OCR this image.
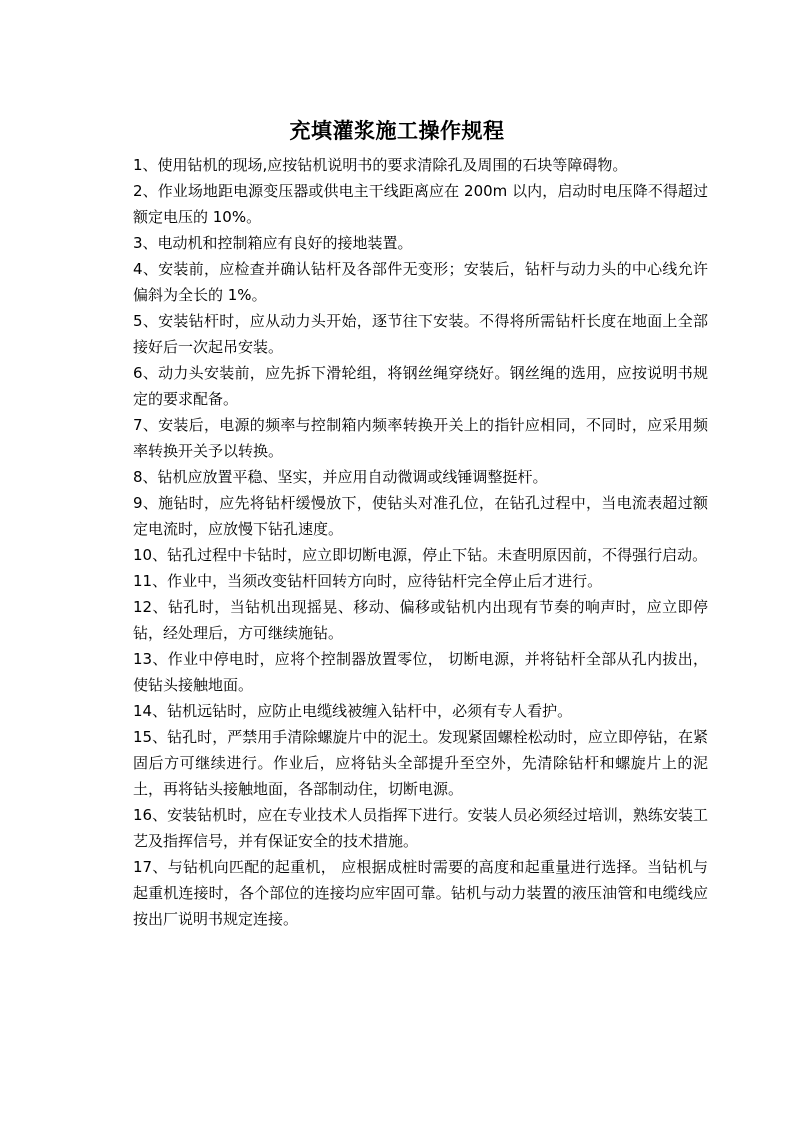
充填灌浆施工操作规程

1、使用钻机的现场,应按钻机说明书的要求清除孔及周围的石块等障碍物。

2、作业场地距电源变压器或供电主干线距离应在 200m 以内，启动时电压降不得超过额定电压的 10%。

3、电动机和控制箱应有良好的接地装置。

4、安装前，应检查并确认钻杆及各部件无变形；安装后，钻杆与动力头的中心线允许偏斜为全长的 1%。

5、安装钻杆时，应从动力头开始，逐节往下安装。不得将所需钻杆长度在地面上全部接好后一次起吊安装。

6、动力头安装前，应先拆下滑轮组，将钢丝绳穿绕好。钢丝绳的选用，应按说明书规定的要求配备。

7、安装后，电源的频率与控制箱内频率转换开关上的指针应相同，不同时，应采用频率转换开关予以转换。

8、钻机应放置平稳、坚实，并应用自动微调或线锤调整挺杆。

9、施钻时，应先将钻杆缓慢放下，使钻头对准孔位，在钻孔过程中，当电流表超过额定电流时，应放慢下钻孔速度。

10、钻孔过程中卡钻时，应立即切断电源，停止下钻。未查明原因前，不得强行启动。

11、作业中，当须改变钻杆回转方向时，应待钻杆完全停止后才进行。

12、钻孔时，当钻机出现摇晃、移动、偏移或钻机内出现有节奏的响声时，应立即停钻，经处理后，方可继续施钻。

13、作业中停电时，应将个控制器放置零位， 切断电源，并将钻杆全部从孔内拔出，使钻头接触地面。

14、钻机远钻时，应防止电缆线被缠入钻杆中，必须有专人看护。

15、钻孔时，严禁用手清除螺旋片中的泥土。发现紧固螺栓松动时，应立即停钻，在紧固后方可继续进行。作业后，应将钻头全部提升至空外，先清除钻杆和螺旋片上的泥土，再将钻头接触地面，各部制动住，切断电源。

16、安装钻机时，应在专业技术人员指挥下进行。安装人员必须经过培训，熟练安装工艺及指挥信号，并有保证安全的技术措施。

17、与钻机向匹配的起重机， 应根据成桩时需要的高度和起重量进行选择。当钻机与起重机连接时，各个部位的连接均应牢固可靠。钻机与动力装置的液压油管和电缆线应按出厂说明书规定连接。
